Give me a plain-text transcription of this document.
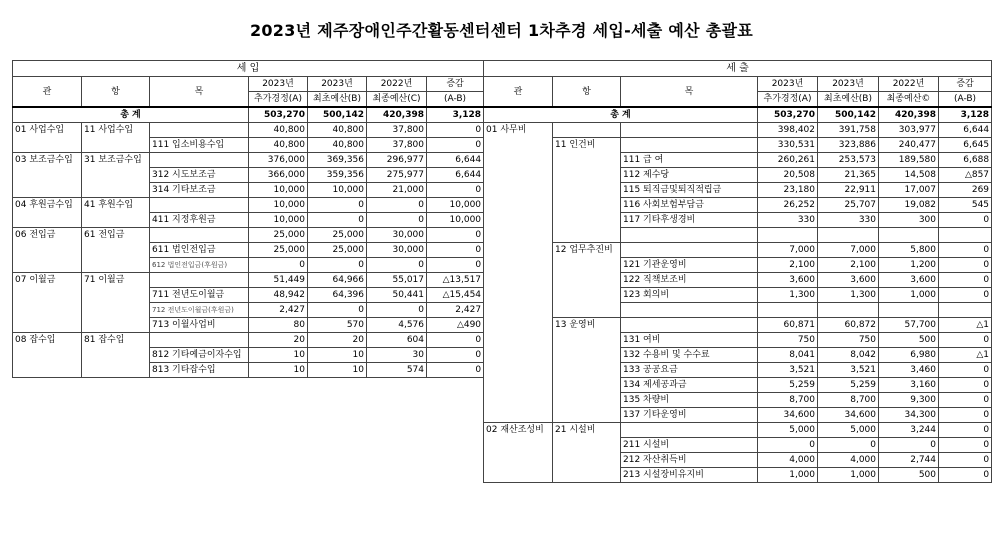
2023년 제주장애인주간활동센터센터 1차추경 세입-세출 예산 총괄표
세 입						
관	항	목	2023년	2023년	2022년	증감
			추가경정(A)	최초예산(B)	최종예산(C)	(A-B)
총 계			503,270	500,142	420,398	3,128
01 사업수입	11 사업수입		40,800	40,800	37,800	0
		111 입소비용수입	40,800	40,800	37,800	0
03 보조금수입	31 보조금수입		376,000	369,356	296,977	6,644
		312 시도보조금	366,000	359,356	275,977	6,644
		314 기타보조금	10,000	10,000	21,000	0
04 후원금수입	41 후원수입		10,000	0	0	10,000
		411 지정후원금	10,000	0	0	10,000
06 전입금	61 전입금		25,000	25,000	30,000	0
		611 법인전입금	25,000	25,000	30,000	0
		612 법인전입금(후원금)	0	0	0	0
07 이월금	71 이월금		51,449	64,966	55,017	△13,517
		711 전년도이월금	48,942	64,396	50,441	△15,454
		712 전년도이월금(후원금)	2,427	0	0	2,427
		713 이월사업비	80	570	4,576	△490
08 잡수입	81 잡수입		20	20	604	0
		812 기타예금이자수입	10	10	30	0
		813 기타잡수입	10	10	574	0
세 출						
관	항	목	2023년	2023년	2022년	증감
			추가경정(A)	최초예산(B)	최종예산©	(A-B)
총 계			503,270	500,142	420,398	3,128
01 사무비			398,402	391,758	303,977	6,644
	11 인건비		330,531	323,886	240,477	6,645
		111 급 여	260,261	253,573	189,580	6,688
		112 제수당	20,508	21,365	14,508	△857
		115 퇴직금및퇴직적립금	23,180	22,911	17,007	269
		116 사회보험부담금	26,252	25,707	19,082	545
		117 기타후생경비	330	330	300	0

	12 업무추진비		7,000	7,000	5,800	0
		121 기관운영비	2,100	2,100	1,200	0
		122 직책보조비	3,600	3,600	3,600	0
		123 회의비	1,300	1,300	1,000	0

	13 운영비		60,871	60,872	57,700	△1
		131 여비	750	750	500	0
		132 수용비 및 수수료	8,041	8,042	6,980	△1
		133 공공요금	3,521	3,521	3,460	0
		134 제세공과금	5,259	5,259	3,160	0
		135 차량비	8,700	8,700	9,300	0
		137 기타운영비	34,600	34,600	34,300	0
02 재산조성비	21 시설비		5,000	5,000	3,244	0
		211 시설비	0	0	0	0
		212 자산취득비	4,000	4,000	2,744	0
		213 시설장비유지비	1,000	1,000	500	0
